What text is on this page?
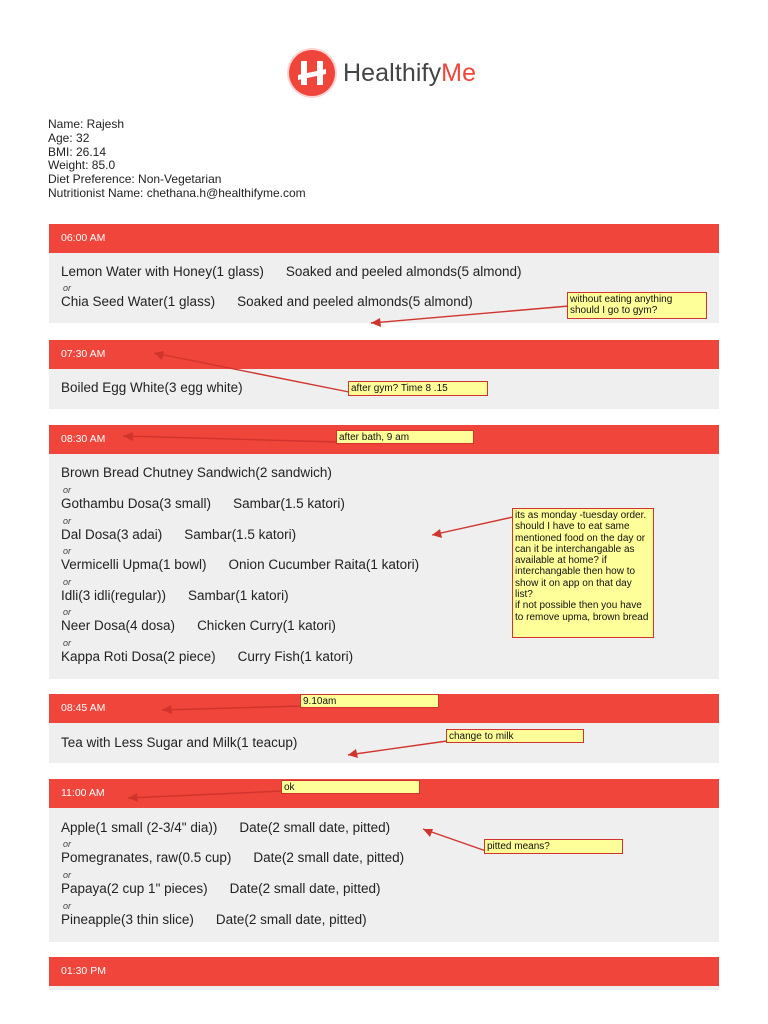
HealthifyMe
Name: Rajesh
Age: 32
BMI: 26.14
Weight: 85.0
Diet Preference: Non-Vegetarian
Nutritionist Name: chethana.h@healthifyme.com
06:00 AM
Lemon Water with Honey(1 glass) Soaked and peeled almonds(5 almond)
or
Chia Seed Water(1 glass) Soaked and peeled almonds(5 almond)
07:30 AM
Boiled Egg White(3 egg white)
08:30 AM
Brown Bread Chutney Sandwich(2 sandwich)
or
Gothambu Dosa(3 small) Sambar(1.5 katori)
or
Dal Dosa(3 adai) Sambar(1.5 katori)
or
Vermicelli Upma(1 bowl) Onion Cucumber Raita(1 katori)
or
Idli(3 idli(regular)) Sambar(1 katori)
or
Neer Dosa(4 dosa) Chicken Curry(1 katori)
or
Kappa Roti Dosa(2 piece) Curry Fish(1 katori)
08:45 AM
Tea with Less Sugar and Milk(1 teacup)
11:00 AM
Apple(1 small (2-3/4" dia)) Date(2 small date, pitted)
or
Pomegranates, raw(0.5 cup) Date(2 small date, pitted)
or
Papaya(2 cup 1" pieces) Date(2 small date, pitted)
or
Pineapple(3 thin slice) Date(2 small date, pitted)
01:30 PM
without eating anything should I go to gym?
after gym? Time 8 .15
after bath, 9 am
its as monday -tuesday order. should I have to eat same mentioned food on the day or can it be interchangable as available at home? if interchangable then how to show it on app on that day list?
if not possible then you have to remove upma, brown bread
9.10am
change to milk
ok
pitted means?
